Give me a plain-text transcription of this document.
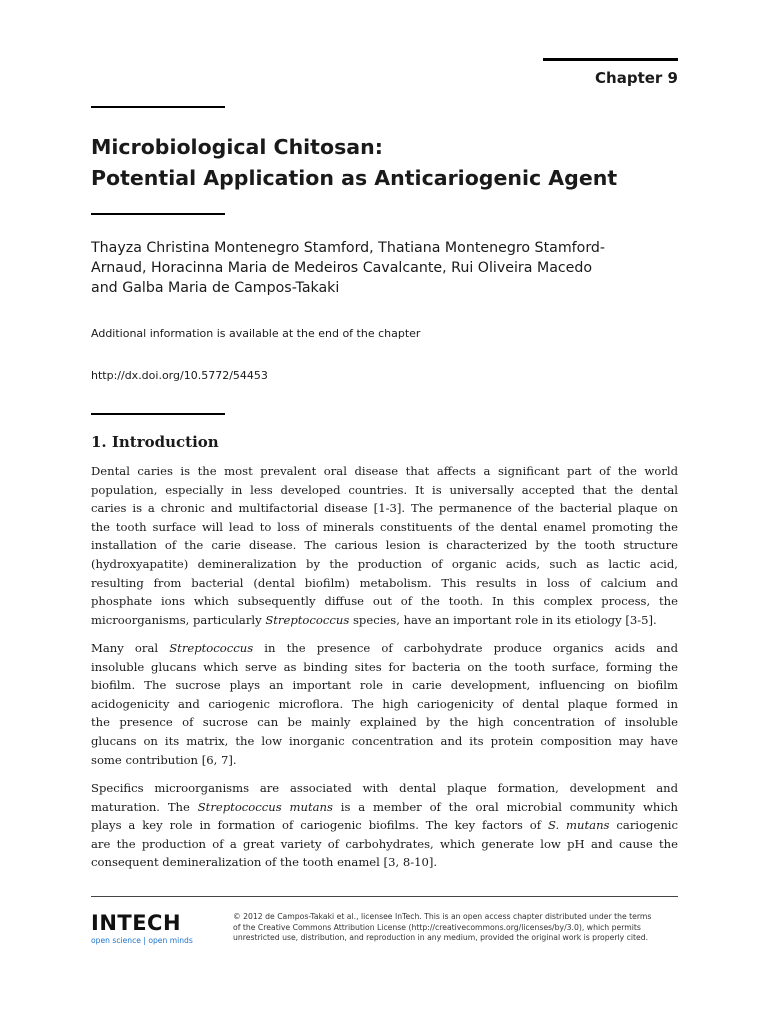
Chapter 9
Microbiological Chitosan:
Potential Application as Anticariogenic Agent
Thayza Christina Montenegro Stamford, Thatiana Montenegro Stamford-
Arnaud, Horacinna Maria de Medeiros Cavalcante, Rui Oliveira Macedo
and Galba Maria de Campos-Takaki
Additional information is available at the end of the chapter
http://dx.doi.org/10.5772/54453
1. Introduction
Dental caries is the most prevalent oral disease that affects a significant part of the world
population, especially in less developed countries. It is universally accepted that the dental
caries is a chronic and multifactorial disease [1-3]. The permanence of the bacterial plaque on
the tooth surface will lead to loss of minerals constituents of the dental enamel promoting the
installation of the carie disease. The carious lesion is characterized by the tooth structure
(hydroxyapatite) demineralization by the production of organic acids, such as lactic acid,
resulting from bacterial (dental biofilm) metabolism. This results in loss of calcium and
phosphate ions which subsequently diffuse out of the tooth. In this complex process, the
microorganisms, particularly Streptococcus species, have an important role in its etiology [3-5].
Many oral Streptococcus in the presence of carbohydrate produce organics acids and
insoluble glucans which serve as binding sites for bacteria on the tooth surface, forming the
biofilm. The sucrose plays an important role in carie development, influencing on biofilm
acidogenicity and cariogenic microflora. The high cariogenicity of dental plaque formed in
the presence of sucrose can be mainly explained by the high concentration of insoluble
glucans on its matrix, the low inorganic concentration and its protein composition may have
some contribution [6, 7].
Specifics microorganisms are associated with dental plaque formation, development and
maturation. The Streptococcus mutans is a member of the oral microbial community which
plays a key role in formation of cariogenic biofilms. The key factors of S. mutans cariogenic
are the production of a great variety of carbohydrates, which generate low pH and cause the
consequent demineralization of the tooth enamel [3, 8-10].
INTECH
open science | open minds
© 2012 de Campos-Takaki et al., licensee InTech. This is an open access chapter distributed under the terms
of the Creative Commons Attribution License (http://creativecommons.org/licenses/by/3.0), which permits
unrestricted use, distribution, and reproduction in any medium, provided the original work is properly cited.
